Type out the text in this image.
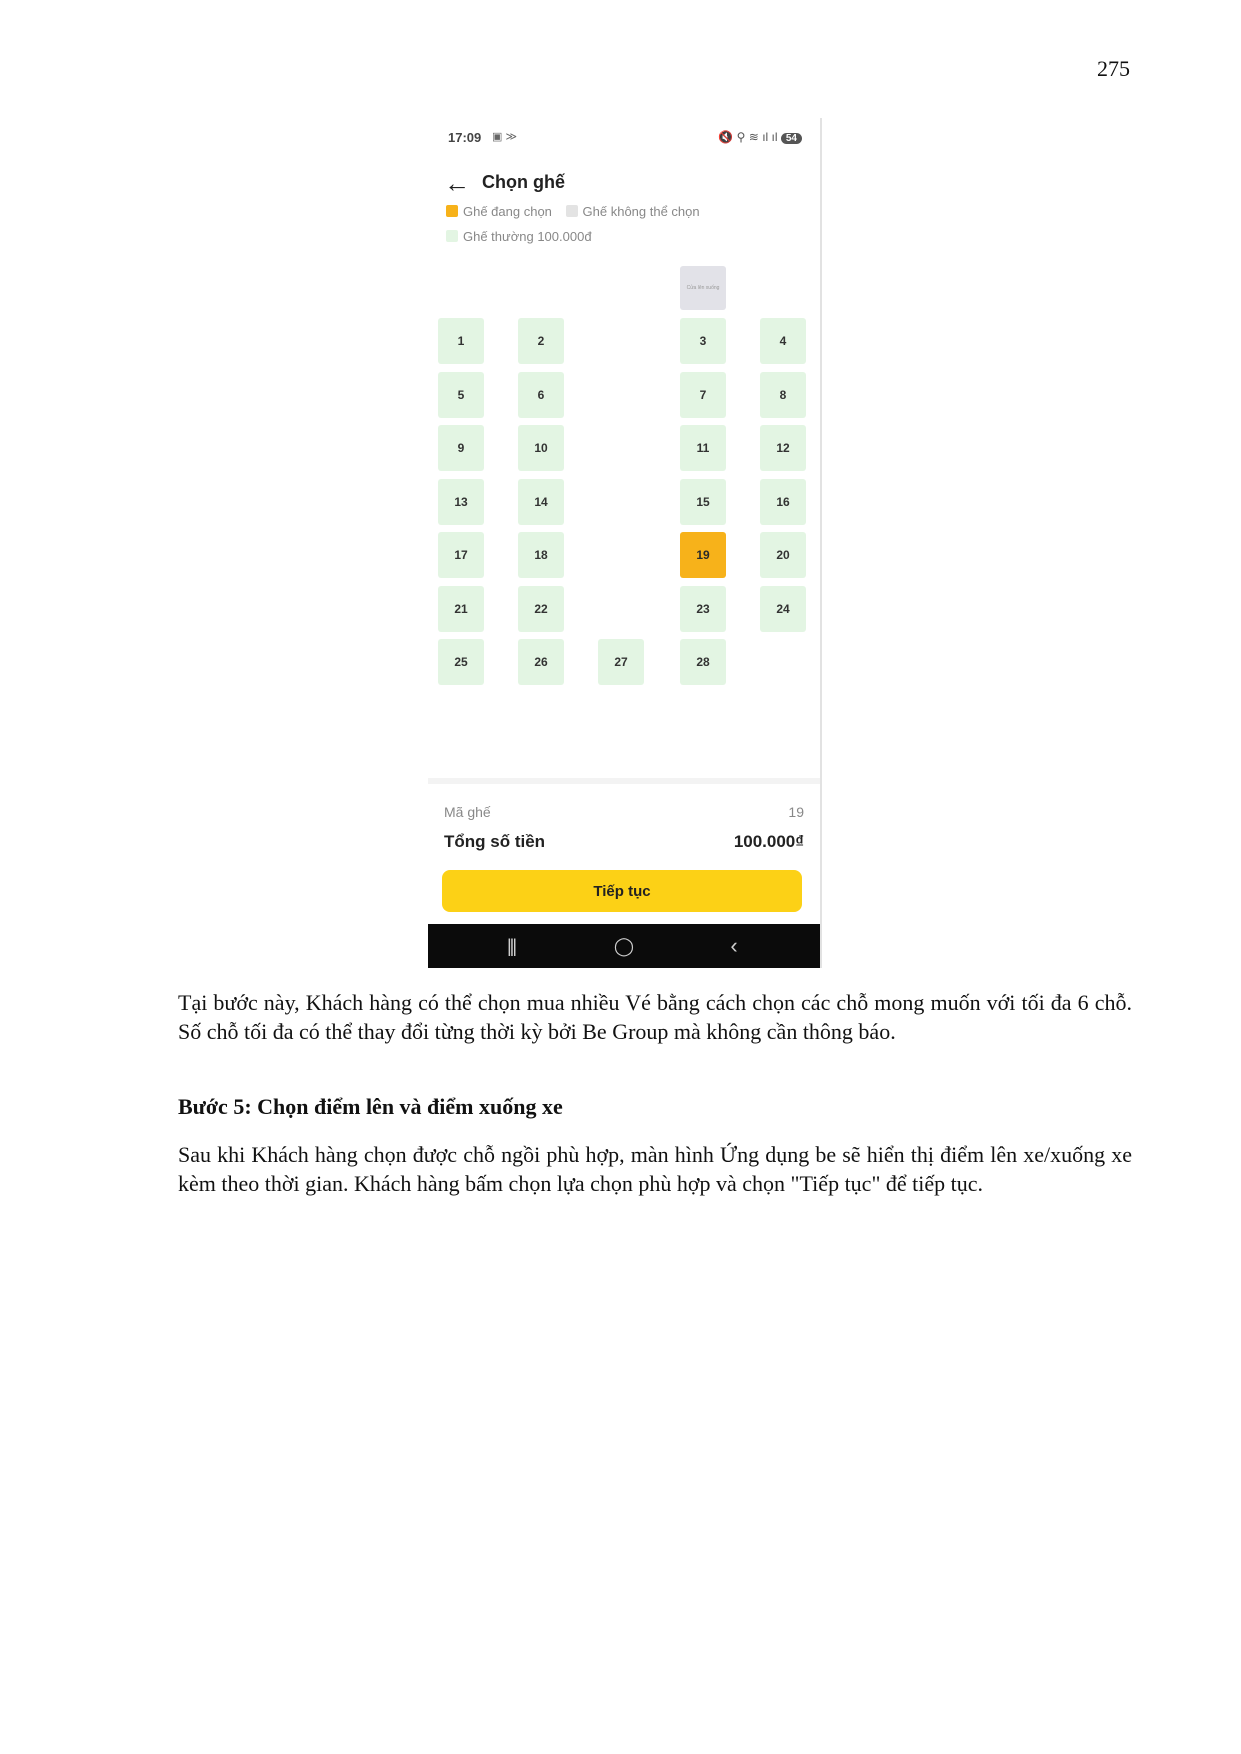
275
17:09 ▣ ≫	🔇 ⚲ ≋ ıl ıl 54
← Chọn ghế
Ghế đang chọn Ghế không thể chọn
Ghế thường 100.000đ
Cửa lên xuống
1	2	3	4
5	6	7	8
9	10	11	12
13	14	15	16
17	18	19	20
21	22	23	24
25	26	27	28
Mã ghế	19
Tổng số tiền	100.000₫
Tiếp tục
|||	◯	‹
Tại bước này, Khách hàng có thể chọn mua nhiều Vé bằng cách chọn các chỗ mong muốn với tối đa 6 chỗ. Số chỗ tối đa có thể thay đổi từng thời kỳ bởi Be Group mà không cần thông báo.
Bước 5: Chọn điểm lên và điểm xuống xe
Sau khi Khách hàng chọn được chỗ ngồi phù hợp, màn hình Ứng dụng be sẽ hiển thị điểm lên xe/xuống xe kèm theo thời gian. Khách hàng bấm chọn lựa chọn phù hợp và chọn "Tiếp tục" để tiếp tục.
